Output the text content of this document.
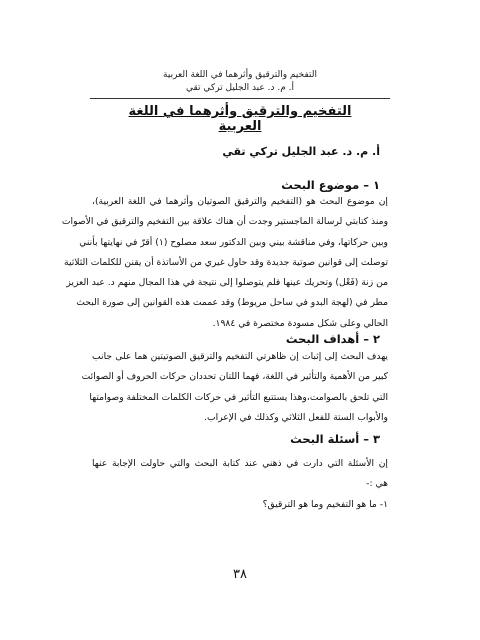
التفخيم والترقيق وأثرهما في اللغة العربية
أ. م. د. عبد الجليل تركي تقي
التفخيم والترقيق وأثرهما في اللغة العربية
أ. م. د. عبد الجليل تركي تقي
١ – موضوع البحث
إن موضوع البحث هو (التفخيم والترقيق الصوتيان وأثرهما في اللغة العربية)،
ومنذ كتابتي لرسالة الماجستير وجدت أن هناك علاقة بين التفخيم والترقيق في الأصوات
وبين حركاتها، وفي مناقشة بيني وبين الدكتور سعد مصلوح (١) أقرّ في نهايتها بأنني
توصلت إلى قوانين صوتية جديدة وقد حاول غيري من الأساتذة أن يقنن للكلمات الثلاثية
من زنة (فَعْل) وتحريك عينها فلم يتوصلوا إلى نتيجة في هذا المجال منهم د. عبد العزيز
مطر في (لهجة البدو في ساحل مريوط) وقد عممت هذه القوانين إلى صورة البحث
الحالي وعلى شكل مسودة مختصرة في ١٩٨٤.
٢ – أهداف البحث
يهدف البحث إلى إثبات إن ظاهرتي التفخيم والترقيق الصوتيتين هما على جانب
كبير من الأهمية والتأثير في اللغة، فهما اللتان تحددان حركات الحروف أو الصوائت
التي تلحق بالصوامت،وهذا يستتبع التأثير في حركات الكلمات المختلفة وصوامتها
والأبواب الستة للفعل الثلاثي وكذلك في الإعراب.
٣ – أسئلة البحث
إن الأسئلة التي دارت في ذهني عند كتابة البحث والتي حاولت الإجابة عنها
هي :-
١- ما هو التفخيم وما هو الترقيق؟
٣٨
